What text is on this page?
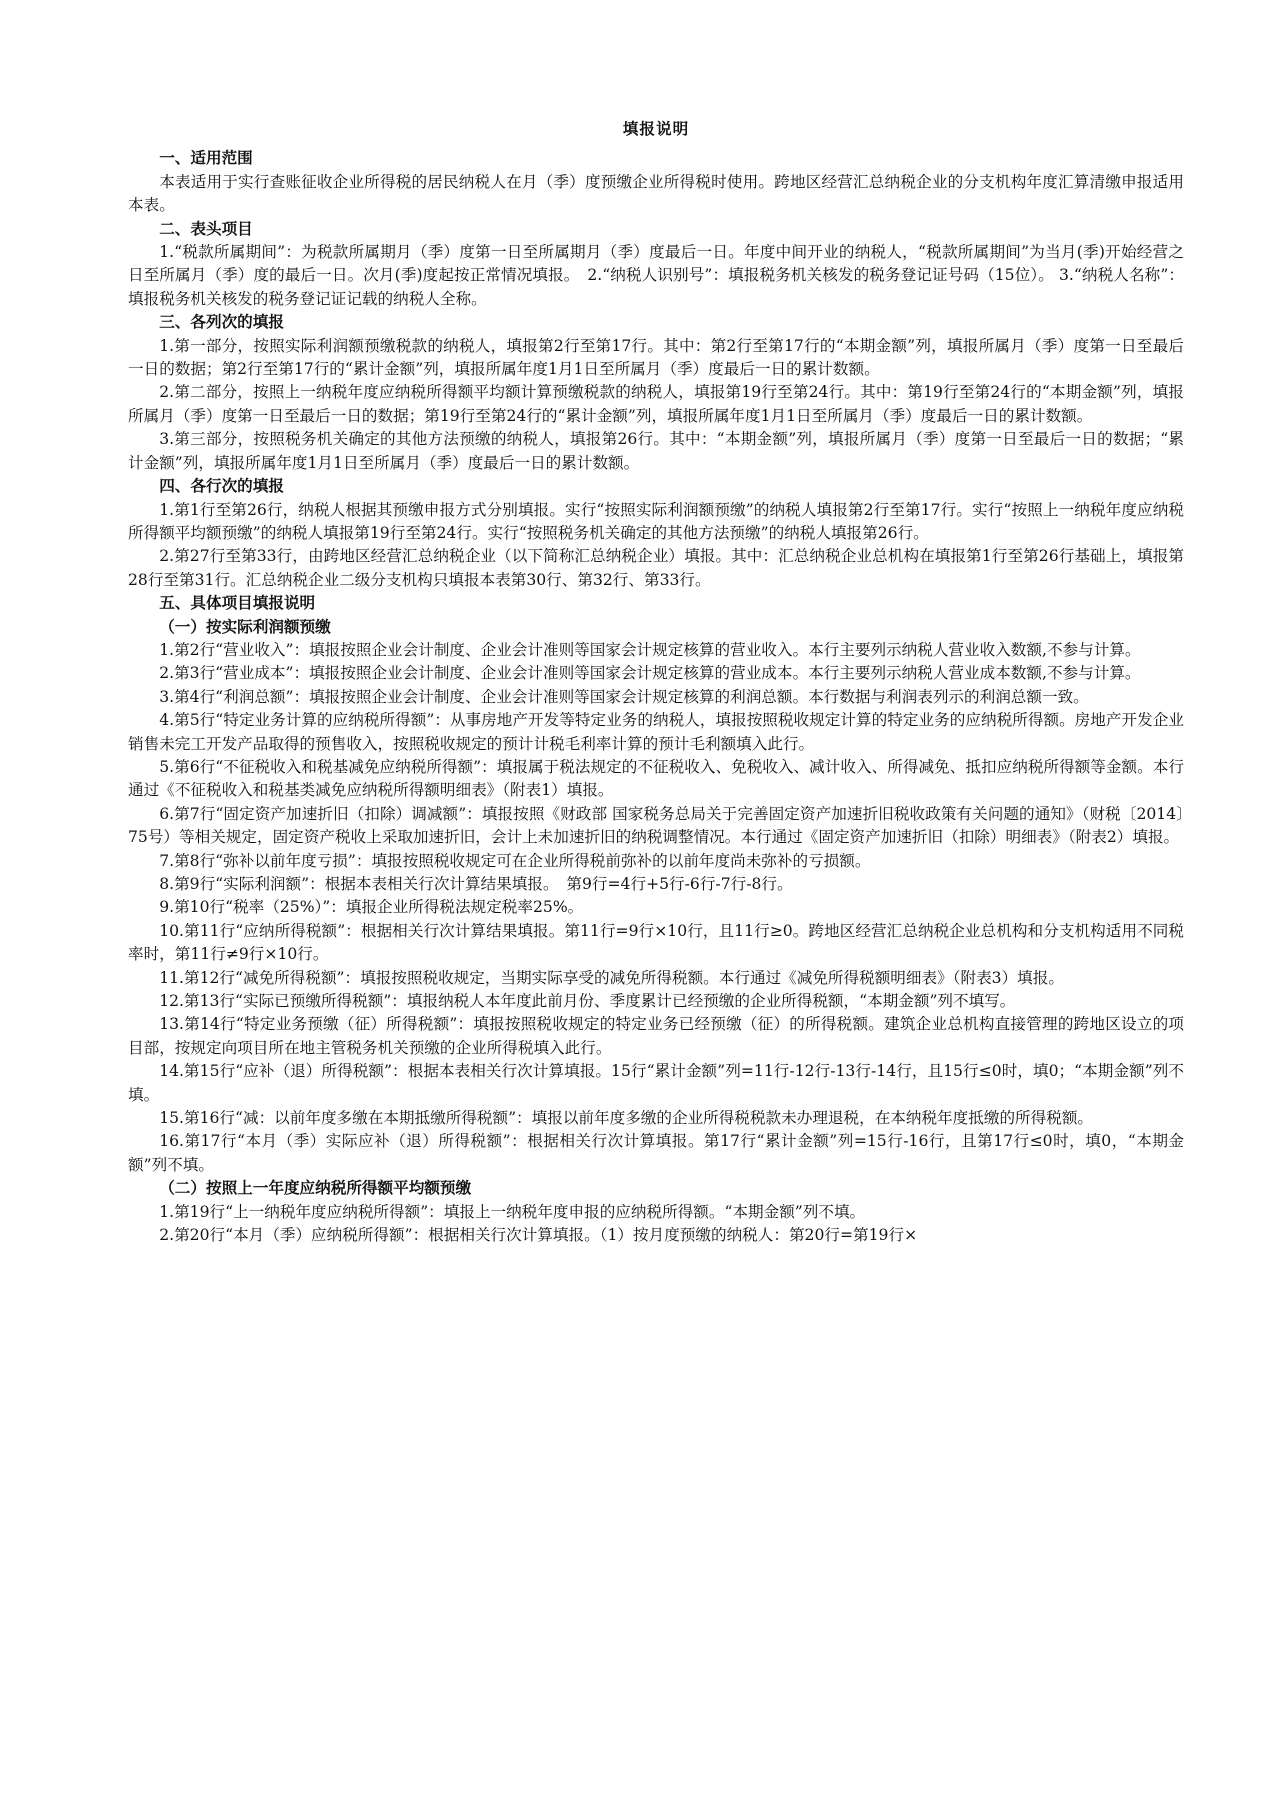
填报说明

一、适用范围

本表适用于实行查账征收企业所得税的居民纳税人在月（季）度预缴企业所得税时使用。跨地区经营汇总纳税企业的分支机构年度汇算清缴申报适用本表。

二、表头项目

1.“税款所属期间”：为税款所属期月（季）度第一日至所属期月（季）度最后一日。年度中间开业的纳税人，“税款所属期间”为当月(季)开始经营之日至所属月（季）度的最后一日。次月(季)度起按正常情况填报。　2.“纳税人识别号”：填报税务机关核发的税务登记证号码（15位）。 3.“纳税人名称”：填报税务机关核发的税务登记证记载的纳税人全称。

三、各列次的填报

1.第一部分，按照实际利润额预缴税款的纳税人，填报第2行至第17行。其中：第2行至第17行的“本期金额”列，填报所属月（季）度第一日至最后一日的数据；第2行至第17行的“累计金额”列，填报所属年度1月1日至所属月（季）度最后一日的累计数额。

2.第二部分，按照上一纳税年度应纳税所得额平均额计算预缴税款的纳税人，填报第19行至第24行。其中：第19行至第24行的“本期金额”列，填报所属月（季）度第一日至最后一日的数据；第19行至第24行的“累计金额”列，填报所属年度1月1日至所属月（季）度最后一日的累计数额。

3.第三部分，按照税务机关确定的其他方法预缴的纳税人，填报第26行。其中：“本期金额”列，填报所属月（季）度第一日至最后一日的数据；“累计金额”列，填报所属年度1月1日至所属月（季）度最后一日的累计数额。

四、各行次的填报

1.第1行至第26行，纳税人根据其预缴申报方式分别填报。实行“按照实际利润额预缴”的纳税人填报第2行至第17行。实行“按照上一纳税年度应纳税所得额平均额预缴”的纳税人填报第19行至第24行。实行“按照税务机关确定的其他方法预缴”的纳税人填报第26行。

2.第27行至第33行，由跨地区经营汇总纳税企业（以下简称汇总纳税企业）填报。其中：汇总纳税企业总机构在填报第1行至第26行基础上，填报第28行至第31行。汇总纳税企业二级分支机构只填报本表第30行、第32行、第33行。

五、具体项目填报说明

（一）按实际利润额预缴

1.第2行“营业收入”：填报按照企业会计制度、企业会计准则等国家会计规定核算的营业收入。本行主要列示纳税人营业收入数额,不参与计算。

2.第3行“营业成本”：填报按照企业会计制度、企业会计准则等国家会计规定核算的营业成本。本行主要列示纳税人营业成本数额,不参与计算。

3.第4行“利润总额”：填报按照企业会计制度、企业会计准则等国家会计规定核算的利润总额。本行数据与利润表列示的利润总额一致。

4.第5行“特定业务计算的应纳税所得额”：从事房地产开发等特定业务的纳税人，填报按照税收规定计算的特定业务的应纳税所得额。房地产开发企业销售未完工开发产品取得的预售收入，按照税收规定的预计计税毛利率计算的预计毛利额填入此行。

5.第6行“不征税收入和税基减免应纳税所得额”：填报属于税法规定的不征税收入、免税收入、减计收入、所得减免、抵扣应纳税所得额等金额。本行通过《不征税收入和税基类减免应纳税所得额明细表》（附表1）填报。

6.第7行“固定资产加速折旧（扣除）调减额”：填报按照《财政部 国家税务总局关于完善固定资产加速折旧税收政策有关问题的通知》（财税〔2014〕75号）等相关规定，固定资产税收上采取加速折旧，会计上未加速折旧的纳税调整情况。本行通过《固定资产加速折旧（扣除）明细表》（附表2）填报。

7.第8行“弥补以前年度亏损”：填报按照税收规定可在企业所得税前弥补的以前年度尚未弥补的亏损额。

8.第9行“实际利润额”：根据本表相关行次计算结果填报。　第9行=4行+5行-6行-7行-8行。

9.第10行“税率（25%）”：填报企业所得税法规定税率25%。

10.第11行“应纳所得税额”：根据相关行次计算结果填报。第11行=9行×10行，且11行≥0。跨地区经营汇总纳税企业总机构和分支机构适用不同税率时，第11行≠9行×10行。

11.第12行“减免所得税额”：填报按照税收规定，当期实际享受的减免所得税额。本行通过《减免所得税额明细表》（附表3）填报。

12.第13行“实际已预缴所得税额”：填报纳税人本年度此前月份、季度累计已经预缴的企业所得税额，“本期金额”列不填写。

13.第14行“特定业务预缴（征）所得税额”：填报按照税收规定的特定业务已经预缴（征）的所得税额。建筑企业总机构直接管理的跨地区设立的项目部，按规定向项目所在地主管税务机关预缴的企业所得税填入此行。

14.第15行“应补（退）所得税额”：根据本表相关行次计算填报。15行“累计金额”列=11行-12行-13行-14行，且15行≤0时，填0；“本期金额”列不填。

15.第16行“减：以前年度多缴在本期抵缴所得税额”：填报以前年度多缴的企业所得税税款未办理退税，在本纳税年度抵缴的所得税额。

16.第17行“本月（季）实际应补（退）所得税额”：根据相关行次计算填报。第17行“累计金额”列=15行-16行，且第17行≤0时，填0，“本期金额”列不填。

（二）按照上一年度应纳税所得额平均额预缴

1.第19行“上一纳税年度应纳税所得额”：填报上一纳税年度申报的应纳税所得额。“本期金额”列不填。

2.第20行“本月（季）应纳税所得额”：根据相关行次计算填报。（1）按月度预缴的纳税人：第20行=第19行×
